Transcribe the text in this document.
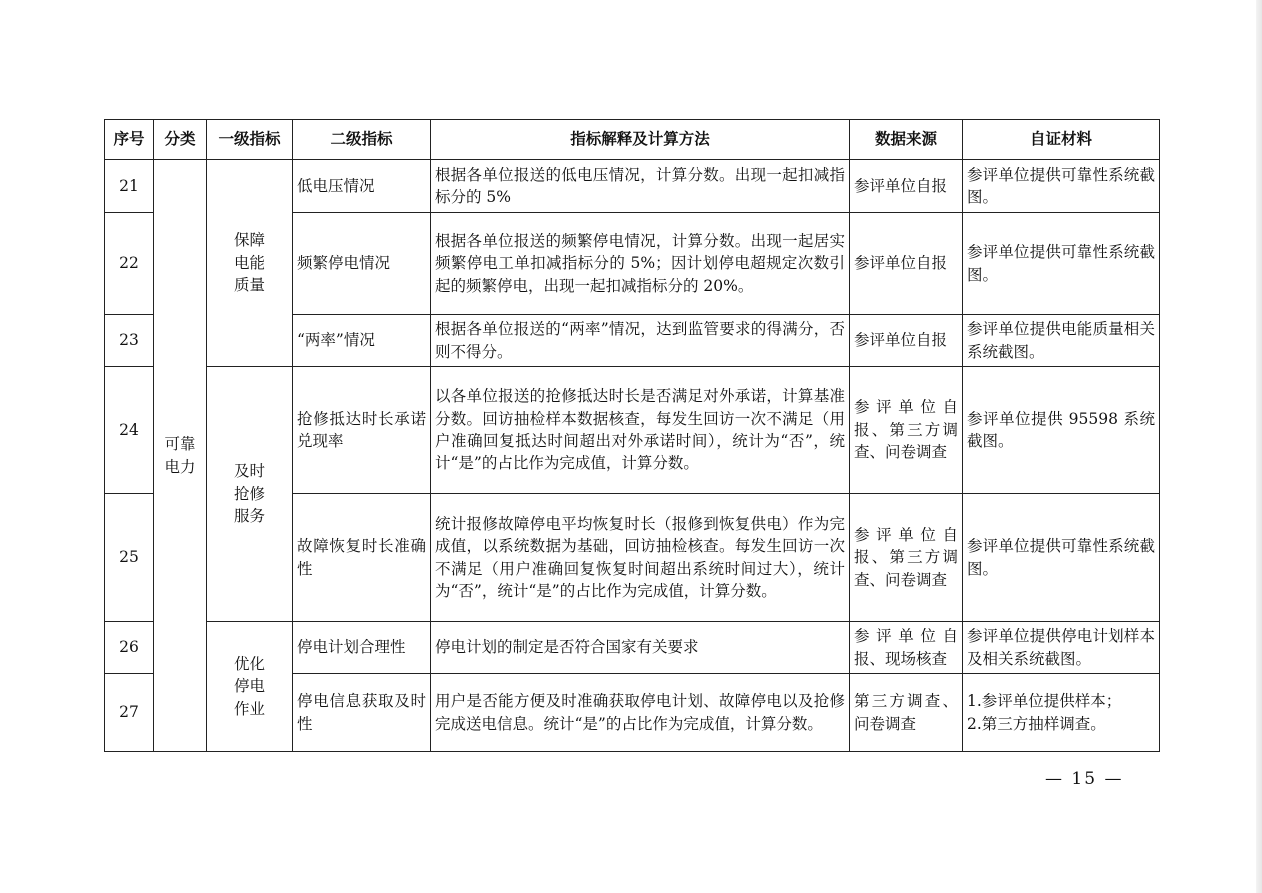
序号	分类	一级指标	二级指标	指标解释及计算方法	数据来源	自证材料
21	可靠电力	保障电能质量	低电压情况	根据各单位报送的低电压情况，计算分数。出现一起扣减指标分的 5%	参评单位自报	参评单位提供可靠性系统截图。
22			频繁停电情况	根据各单位报送的频繁停电情况，计算分数。出现一起居实频繁停电工单扣减指标分的 5%；因计划停电超规定次数引起的频繁停电，出现一起扣减指标分的 20%。	参评单位自报	参评单位提供可靠性系统截图。
23			“两率”情况	根据各单位报送的“两率”情况，达到监管要求的得满分，否则不得分。	参评单位自报	参评单位提供电能质量相关系统截图。
24		及时抢修服务	抢修抵达时长承诺兑现率	以各单位报送的抢修抵达时长是否满足对外承诺，计算基准分数。回访抽检样本数据核查，每发生回访一次不满足（用户准确回复抵达时间超出对外承诺时间），统计为“否”，统计“是”的占比作为完成值，计算分数。	参评单位自报、第三方调查、问卷调查	参评单位提供 95598 系统截图。
25			故障恢复时长准确性	统计报修故障停电平均恢复时长（报修到恢复供电）作为完成值，以系统数据为基础，回访抽检核查。每发生回访一次不满足（用户准确回复恢复时间超出系统时间过大），统计为“否”，统计“是”的占比作为完成值，计算分数。	参评单位自报、第三方调查、问卷调查	参评单位提供可靠性系统截图。
26		优化停电作业	停电计划合理性	停电计划的制定是否符合国家有关要求	参评单位自报、现场核查	参评单位提供停电计划样本及相关系统截图。
27			停电信息获取及时性	用户是否能方便及时准确获取停电计划、故障停电以及抢修完成送电信息。统计“是”的占比作为完成值，计算分数。	第三方调查、问卷调查	1.参评单位提供样本；
2.第三方抽样调查。
— 15 —
